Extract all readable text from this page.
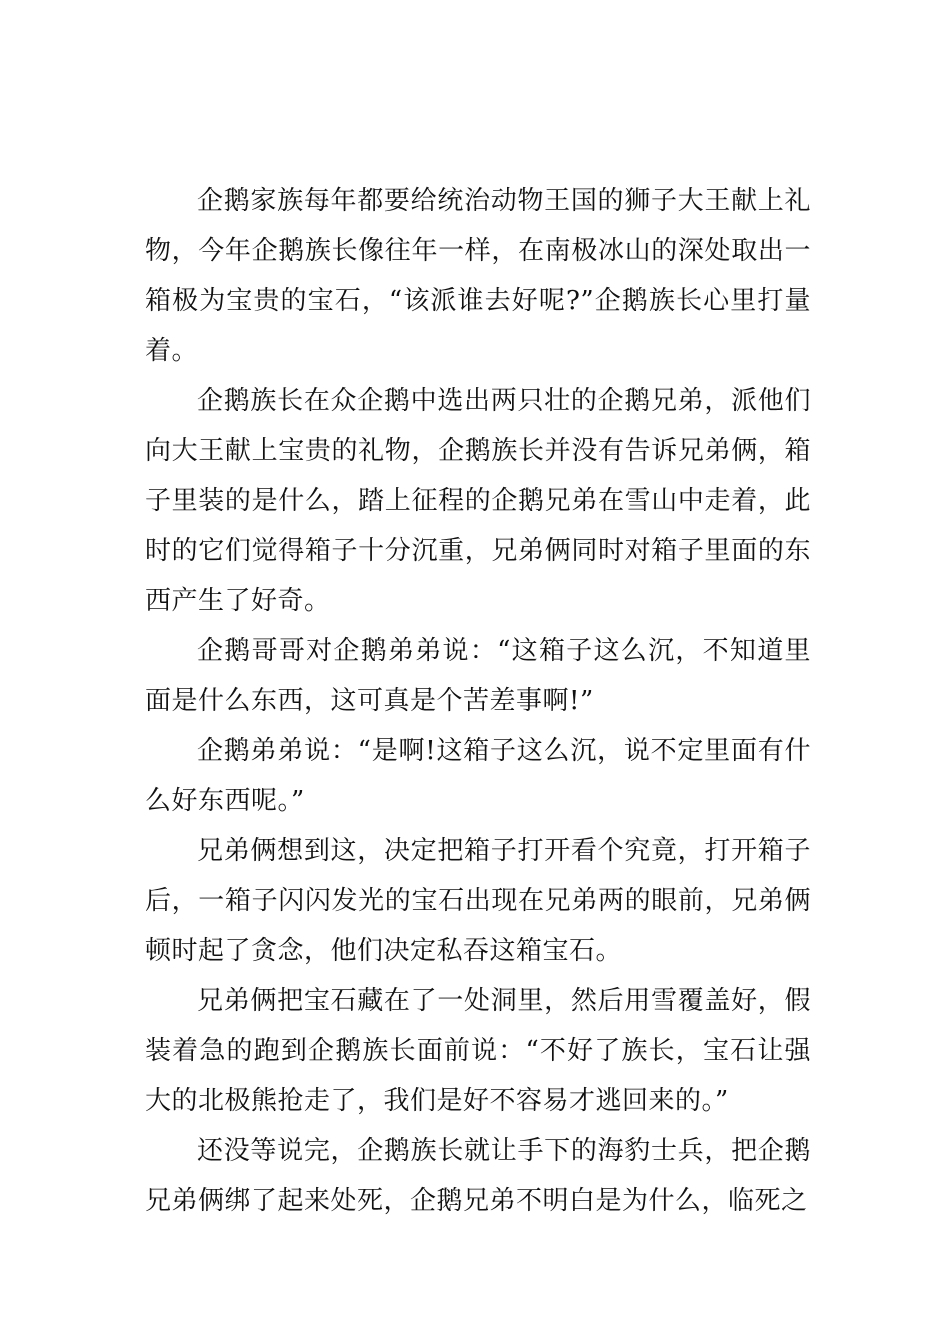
企鹅家族每年都要给统治动物王国的狮子大王献上礼物，今年企鹅族长像往年一样，在南极冰山的深处取出一箱极为宝贵的宝石，“该派谁去好呢?”企鹅族长心里打量着。

企鹅族长在众企鹅中选出两只壮的企鹅兄弟，派他们向大王献上宝贵的礼物，企鹅族长并没有告诉兄弟俩，箱子里装的是什么，踏上征程的企鹅兄弟在雪山中走着，此时的它们觉得箱子十分沉重，兄弟俩同时对箱子里面的东西产生了好奇。

企鹅哥哥对企鹅弟弟说：“这箱子这么沉，不知道里面是什么东西，这可真是个苦差事啊!”

企鹅弟弟说：“是啊!这箱子这么沉，说不定里面有什么好东西呢。”

兄弟俩想到这，决定把箱子打开看个究竟，打开箱子后，一箱子闪闪发光的宝石出现在兄弟两的眼前，兄弟俩顿时起了贪念，他们决定私吞这箱宝石。

兄弟俩把宝石藏在了一处洞里，然后用雪覆盖好，假装着急的跑到企鹅族长面前说：“不好了族长，宝石让强大的北极熊抢走了，我们是好不容易才逃回来的。”

还没等说完，企鹅族长就让手下的海豹士兵，把企鹅兄弟俩绑了起来处死，企鹅兄弟不明白是为什么，临死之
